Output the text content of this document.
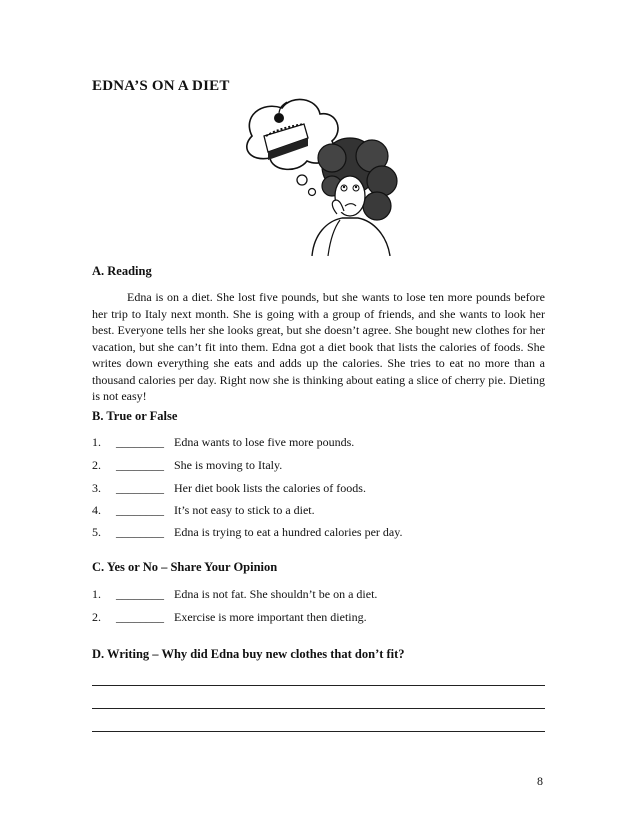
EDNA’S ON A DIET
A. Reading

Edna is on a diet. She lost five pounds, but she wants to lose ten more pounds before her trip to Italy next month. She is going with a group of friends, and she wants to look her best. Everyone tells her she looks great, but she doesn’t agree. She bought new clothes for her vacation, but she can’t fit into them. Edna got a diet book that lists the calories of foods. She writes down everything she eats and adds up the calories. She tries to eat no more than a thousand calories per day. Right now she is thinking about eating a slice of cherry pie. Dieting is not easy!

B. True or False
1. ________ Edna wants to lose five more pounds.
2. ________ She is moving to Italy.
3. ________ Her diet book lists the calories of foods.
4. ________ It’s not easy to stick to a diet.
5. ________ Edna is trying to eat a hundred calories per day.
C. Yes or No – Share Your Opinion
1. ________ Edna is not fat. She shouldn’t be on a diet.
2. ________ Exercise is more important then dieting.
D. Writing – Why did Edna buy new clothes that don’t fit?
8
